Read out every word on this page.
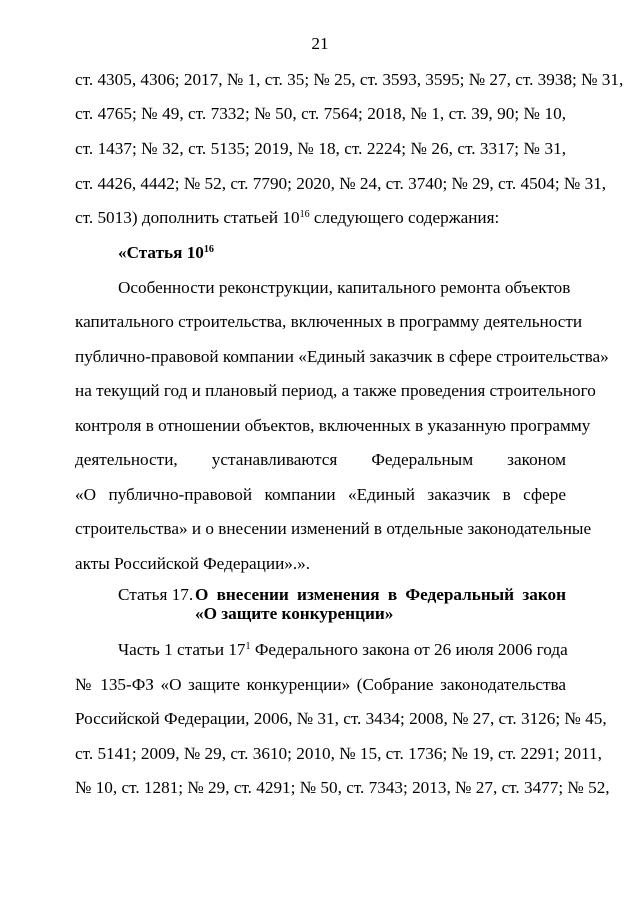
21
ст. 4305, 4306; 2017, № 1, ст. 35; № 25, ст. 3593, 3595; № 27, ст. 3938; № 31,
ст. 4765; № 49, ст. 7332; № 50, ст. 7564; 2018, № 1, ст. 39, 90; № 10,
ст. 1437; № 32, ст. 5135; 2019, № 18, ст. 2224; № 26, ст. 3317; № 31,
ст. 4426, 4442; № 52, ст. 7790; 2020, № 24, ст. 3740; № 29, ст. 4504; № 31,
ст. 5013) дополнить статьей $10^{16}$ следующего содержания:
«Статья $10^{16}$
Особенности реконструкции, капитального ремонта объектов
капитального строительства, включенных в программу деятельности
публично-правовой компании «Единый заказчик в сфере строительства»
на текущий год и плановый период, а также проведения строительного
контроля в отношении объектов, включенных в указанную программу
деятельности, устанавливаются Федеральным законом
«О публично-правовой компании «Единый заказчик в сфере
строительства» и о внесении изменений в отдельные законодательные
акты Российской Федерации».».
Статья 17. О внесении изменения в Федеральный закон
«О защите конкуренции»
Часть 1 статьи $17^1$ Федерального закона от 26 июля 2006 года
№ 135-ФЗ «О защите конкуренции» (Собрание законодательства
Российской Федерации, 2006, № 31, ст. 3434; 2008, № 27, ст. 3126; № 45,
ст. 5141; 2009, № 29, ст. 3610; 2010, № 15, ст. 1736; № 19, ст. 2291; 2011,
№ 10, ст. 1281; № 29, ст. 4291; № 50, ст. 7343; 2013, № 27, ст. 3477; № 52,
